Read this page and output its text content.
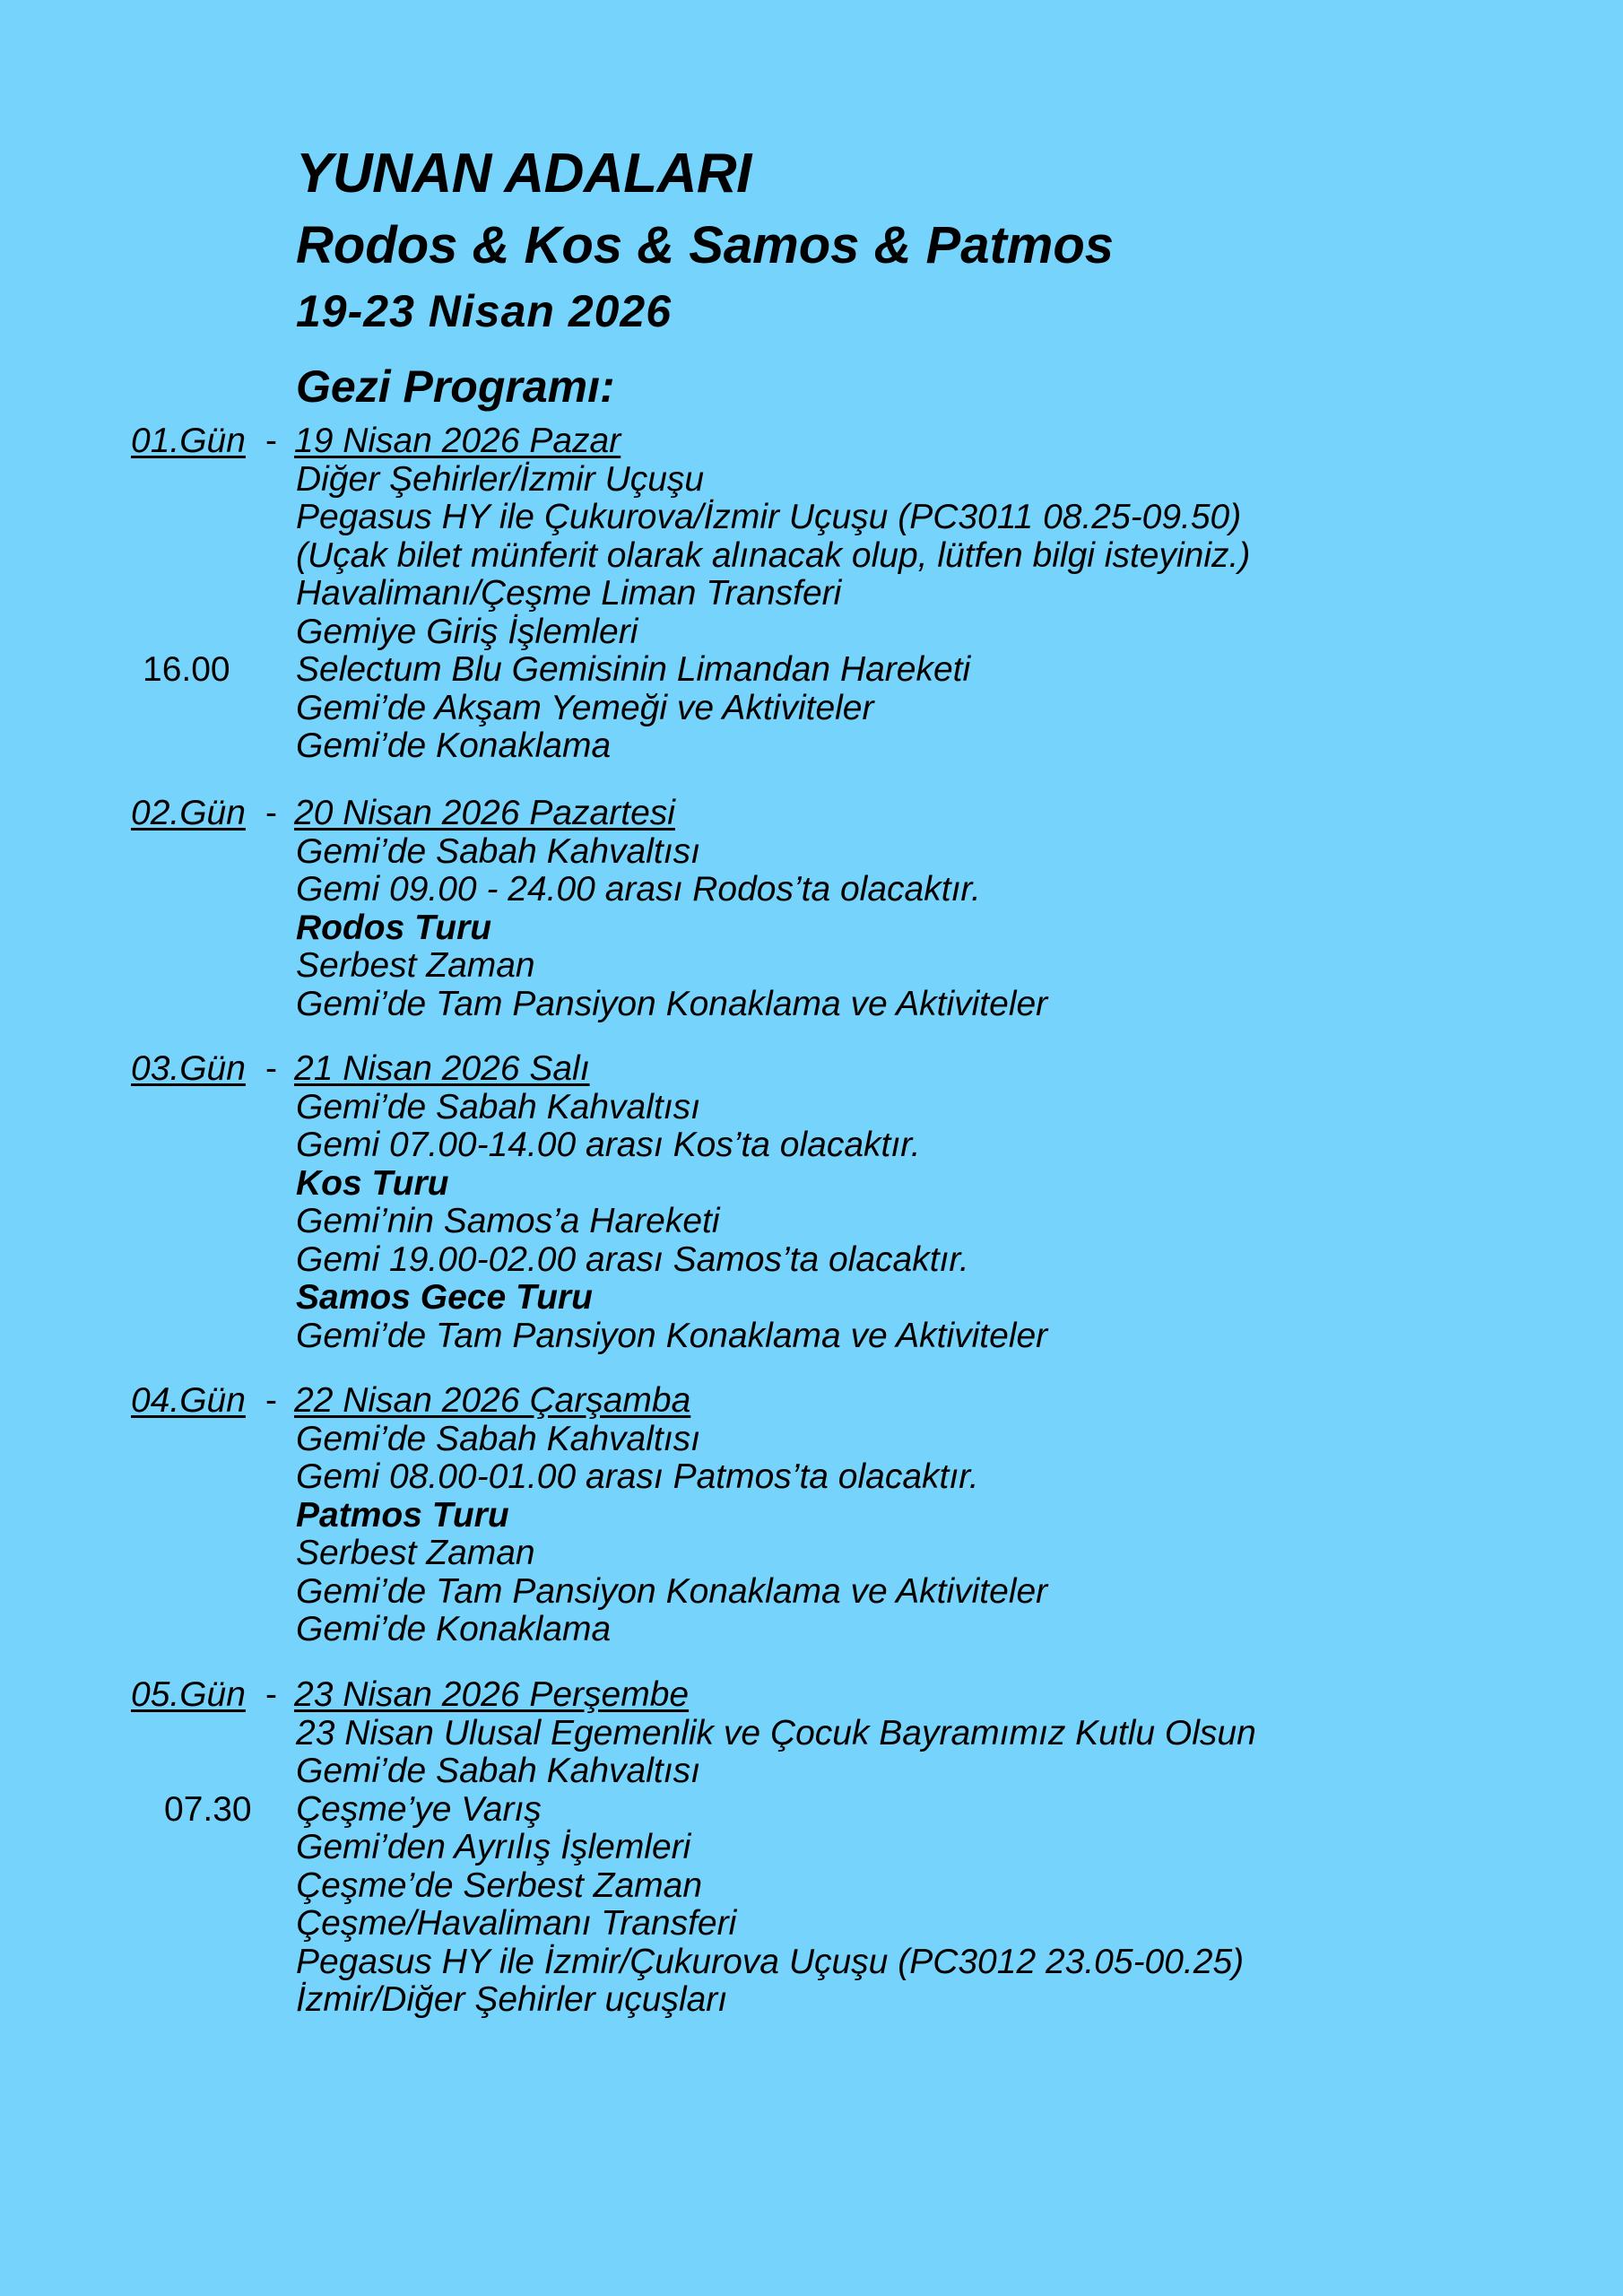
YUNAN ADALARI
Rodos & Kos & Samos & Patmos
19-23 Nisan 2026
Gezi Programı:
01.Gün - 19 Nisan 2026 Pazar
Diğer Şehirler/İzmir Uçuşu
Pegasus HY ile Çukurova/İzmir Uçuşu (PC3011 08.25-09.50)
(Uçak bilet münferit olarak alınacak olup, lütfen bilgi isteyiniz.)
Havalimanı/Çeşme Liman Transferi
Gemiye Giriş İşlemleri
16.00 Selectum Blu Gemisinin Limandan Hareketi
Gemi’de Akşam Yemeği ve Aktiviteler
Gemi’de Konaklama
02.Gün - 20 Nisan 2026 Pazartesi
Gemi’de Sabah Kahvaltısı
Gemi 09.00 - 24.00 arası Rodos’ta olacaktır.
Rodos Turu
Serbest Zaman
Gemi’de Tam Pansiyon Konaklama ve Aktiviteler
03.Gün - 21 Nisan 2026 Salı
Gemi’de Sabah Kahvaltısı
Gemi 07.00-14.00 arası Kos’ta olacaktır.
Kos Turu
Gemi’nin Samos’a Hareketi
Gemi 19.00-02.00 arası Samos’ta olacaktır.
Samos Gece Turu
Gemi’de Tam Pansiyon Konaklama ve Aktiviteler
04.Gün - 22 Nisan 2026 Çarşamba
Gemi’de Sabah Kahvaltısı
Gemi 08.00-01.00 arası Patmos’ta olacaktır.
Patmos Turu
Serbest Zaman
Gemi’de Tam Pansiyon Konaklama ve Aktiviteler
Gemi’de Konaklama
05.Gün - 23 Nisan 2026 Perşembe
23 Nisan Ulusal Egemenlik ve Çocuk Bayramımız Kutlu Olsun
Gemi’de Sabah Kahvaltısı
07.30 Çeşme’ye Varış
Gemi’den Ayrılış İşlemleri
Çeşme’de Serbest Zaman
Çeşme/Havalimanı Transferi
Pegasus HY ile İzmir/Çukurova Uçuşu (PC3012 23.05-00.25)
İzmir/Diğer Şehirler uçuşları
